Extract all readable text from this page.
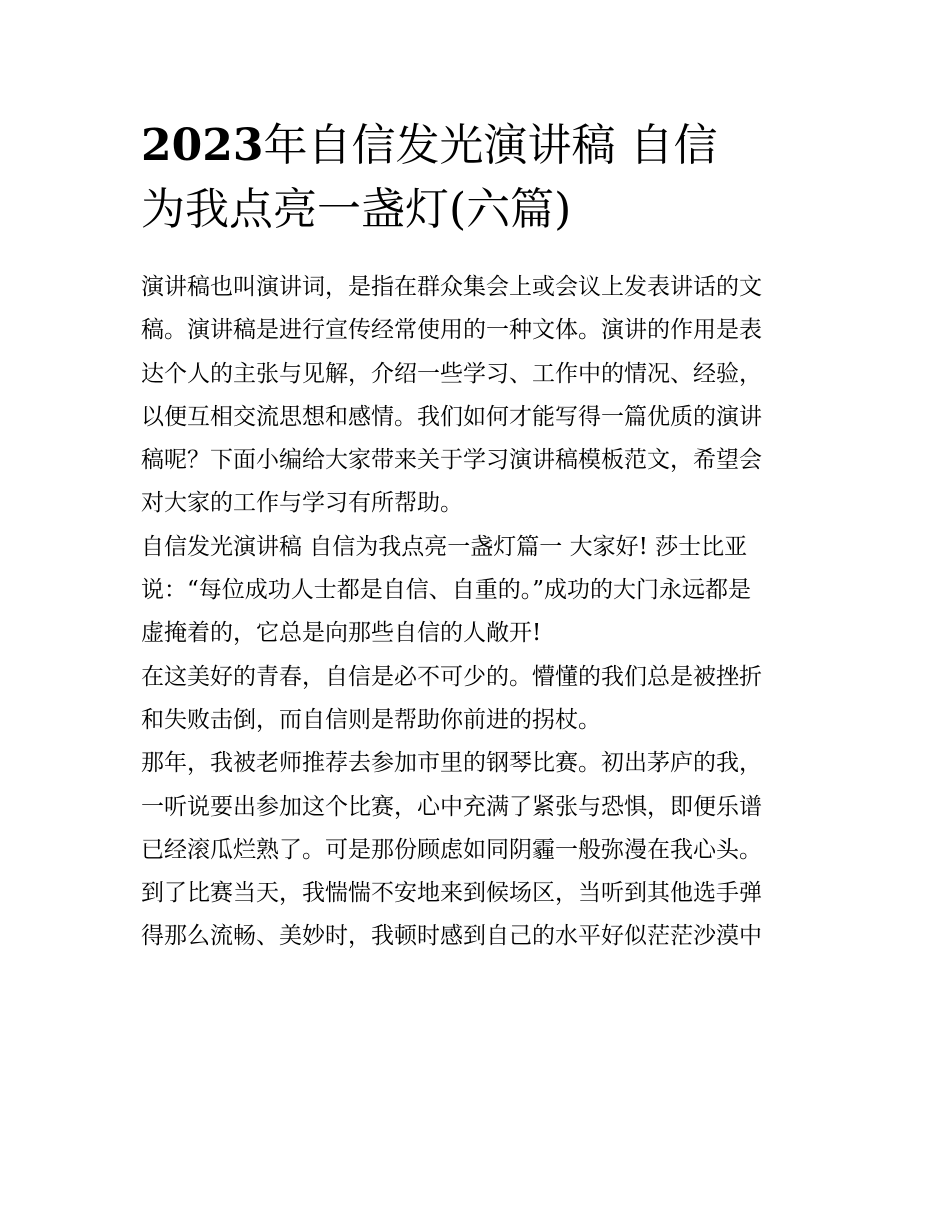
2023年自信发光演讲稿 自信
为我点亮一盏灯(六篇)

演讲稿也叫演讲词，是指在群众集会上或会议上发表讲话的文
稿。演讲稿是进行宣传经常使用的一种文体。演讲的作用是表
达个人的主张与见解，介绍一些学习、工作中的情况、经验，
以便互相交流思想和感情。我们如何才能写得一篇优质的演讲
稿呢？下面小编给大家带来关于学习演讲稿模板范文，希望会
对大家的工作与学习有所帮助。

自信发光演讲稿 自信为我点亮一盏灯篇一 大家好! 莎士比亚
说：“每位成功人士都是自信、自重的。”成功的大门永远都是
虚掩着的，它总是向那些自信的人敞开!

在这美好的青春，自信是必不可少的。懵懂的我们总是被挫折
和失败击倒，而自信则是帮助你前进的拐杖。

那年，我被老师推荐去参加市里的钢琴比赛。初出茅庐的我，
一听说要出参加这个比赛，心中充满了紧张与恐惧，即便乐谱
已经滚瓜烂熟了。可是那份顾虑如同阴霾一般弥漫在我心头。
到了比赛当天，我惴惴不安地来到候场区，当听到其他选手弹
得那么流畅、美妙时，我顿时感到自己的水平好似茫茫沙漠中
